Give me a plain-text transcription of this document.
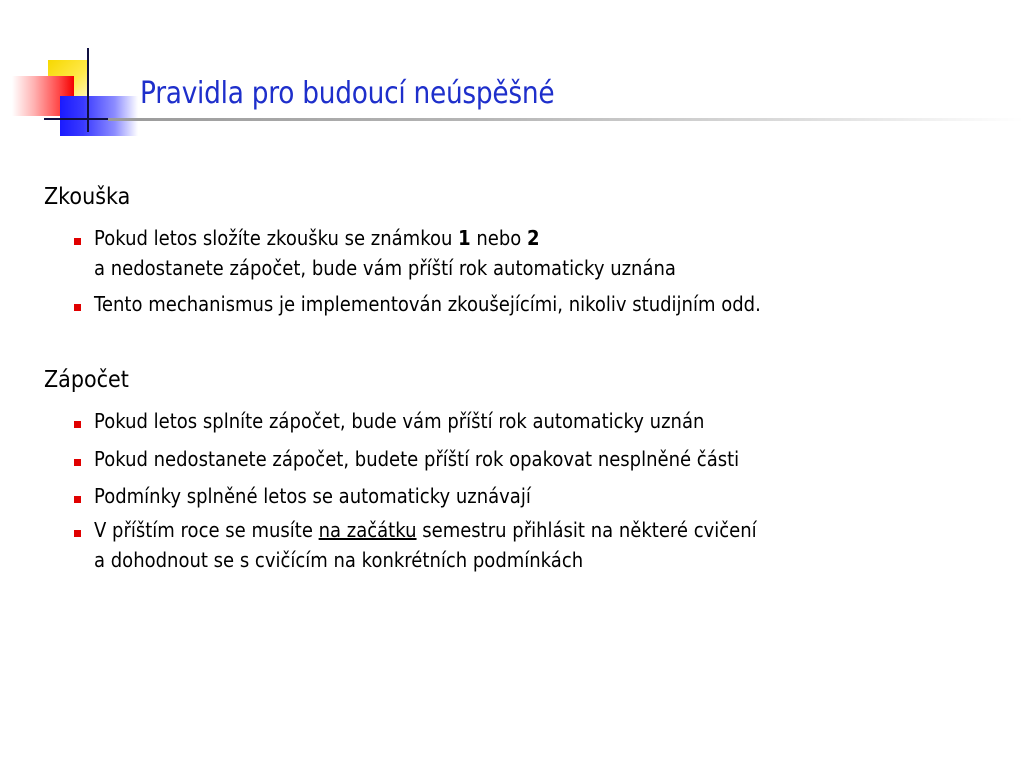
Pravidla pro budoucí neúspěšné
Zkouška
Pokud letos složíte zkoušku se známkou 1 nebo 2
a nedostanete zápočet, bude vám příští rok automaticky uznána
Tento mechanismus je implementován zkoušejícími, nikoliv studijním odd.
Zápočet
Pokud letos splníte zápočet, bude vám příští rok automaticky uznán
Pokud nedostanete zápočet, budete příští rok opakovat nesplněné části
Podmínky splněné letos se automaticky uznávají
V příštím roce se musíte na začátku semestru přihlásit na některé cvičení
a dohodnout se s cvičícím na konkrétních podmínkách
